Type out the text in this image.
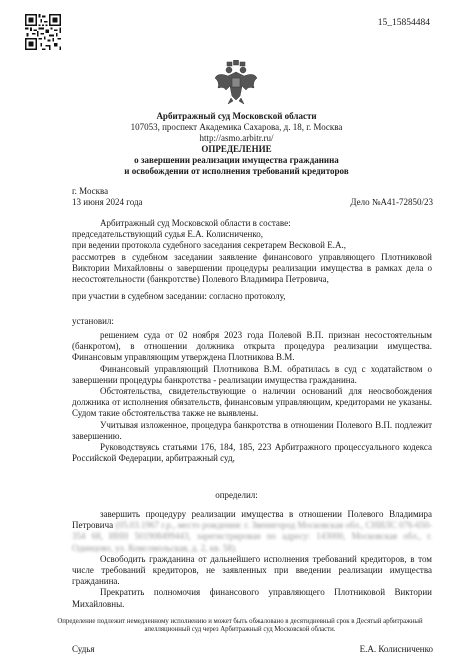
15_15854484
Арбитражный суд Московской области
107053, проспект Академика Сахарова, д. 18, г. Москва
http://asmo.arbitr.ru/
ОПРЕДЕЛЕНИЕ
о завершении реализации имущества гражданина
и освобождении от исполнения требований кредиторов
г. Москва
13 июня 2024 года	Дело №А41-72850/23
Арбитражный суд Московской области в составе:
председательствующий судья Е.А. Колисниченко,
при ведении протокола судебного заседания секретарем Весковой Е.А.,
рассмотрев в судебном заседании заявление финансового управляющего Плотниковой Виктории Михайловны о завершении процедуры реализации имущества в рамках дела о несостоятельности (банкротстве) Полевого Владимира Петровича,
при участии в судебном заседании: согласно протоколу,
установил:
решением суда от 02 ноября 2023 года Полевой В.П. признан несостоятельным (банкротом), в отношении должника открыта процедура реализации имущества. Финансовым управляющим утверждена Плотникова В.М.
Финансовый управляющий Плотникова В.М. обратилась в суд с ходатайством о завершении процедуры банкротства - реализации имущества гражданина.
Обстоятельства, свидетельствующие о наличии оснований для неосвобождения должника от исполнения обязательств, финансовым управляющим, кредиторами не указаны. Судом такие обстоятельства также не выявлены.
Учитывая изложенное, процедура банкротства в отношении Полевого В.П. подлежит завершению.
Руководствуясь статьями 176, 184, 185, 223 Арбитражного процессуального кодекса Российской Федерации, арбитражный суд,
определил:
завершить процедуру реализации имущества в отношении Полевого Владимира Петровича (05.03.1967 г.р., место рождения: г. Звенигород Московская обл., СНИЛС 076-650-354 68, ИНН 501908499443, зарегистрирован по адресу: 143000, Московская обл., г. Одинцово, ул. Комсомольская, д. 2, кв. 58).
Освободить гражданина от дальнейшего исполнения требований кредиторов, в том числе требований кредиторов, не заявленных при введении реализации имущества гражданина.
Прекратить полномочия финансового управляющего Плотниковой Виктории Михайловны.
Определение подлежит немедленному исполнению и может быть обжаловано в десятидневный срок в Десятый арбитражный апелляционный суд через Арбитражный суд Московской области.
Судья	Е.А. Колисниченко
